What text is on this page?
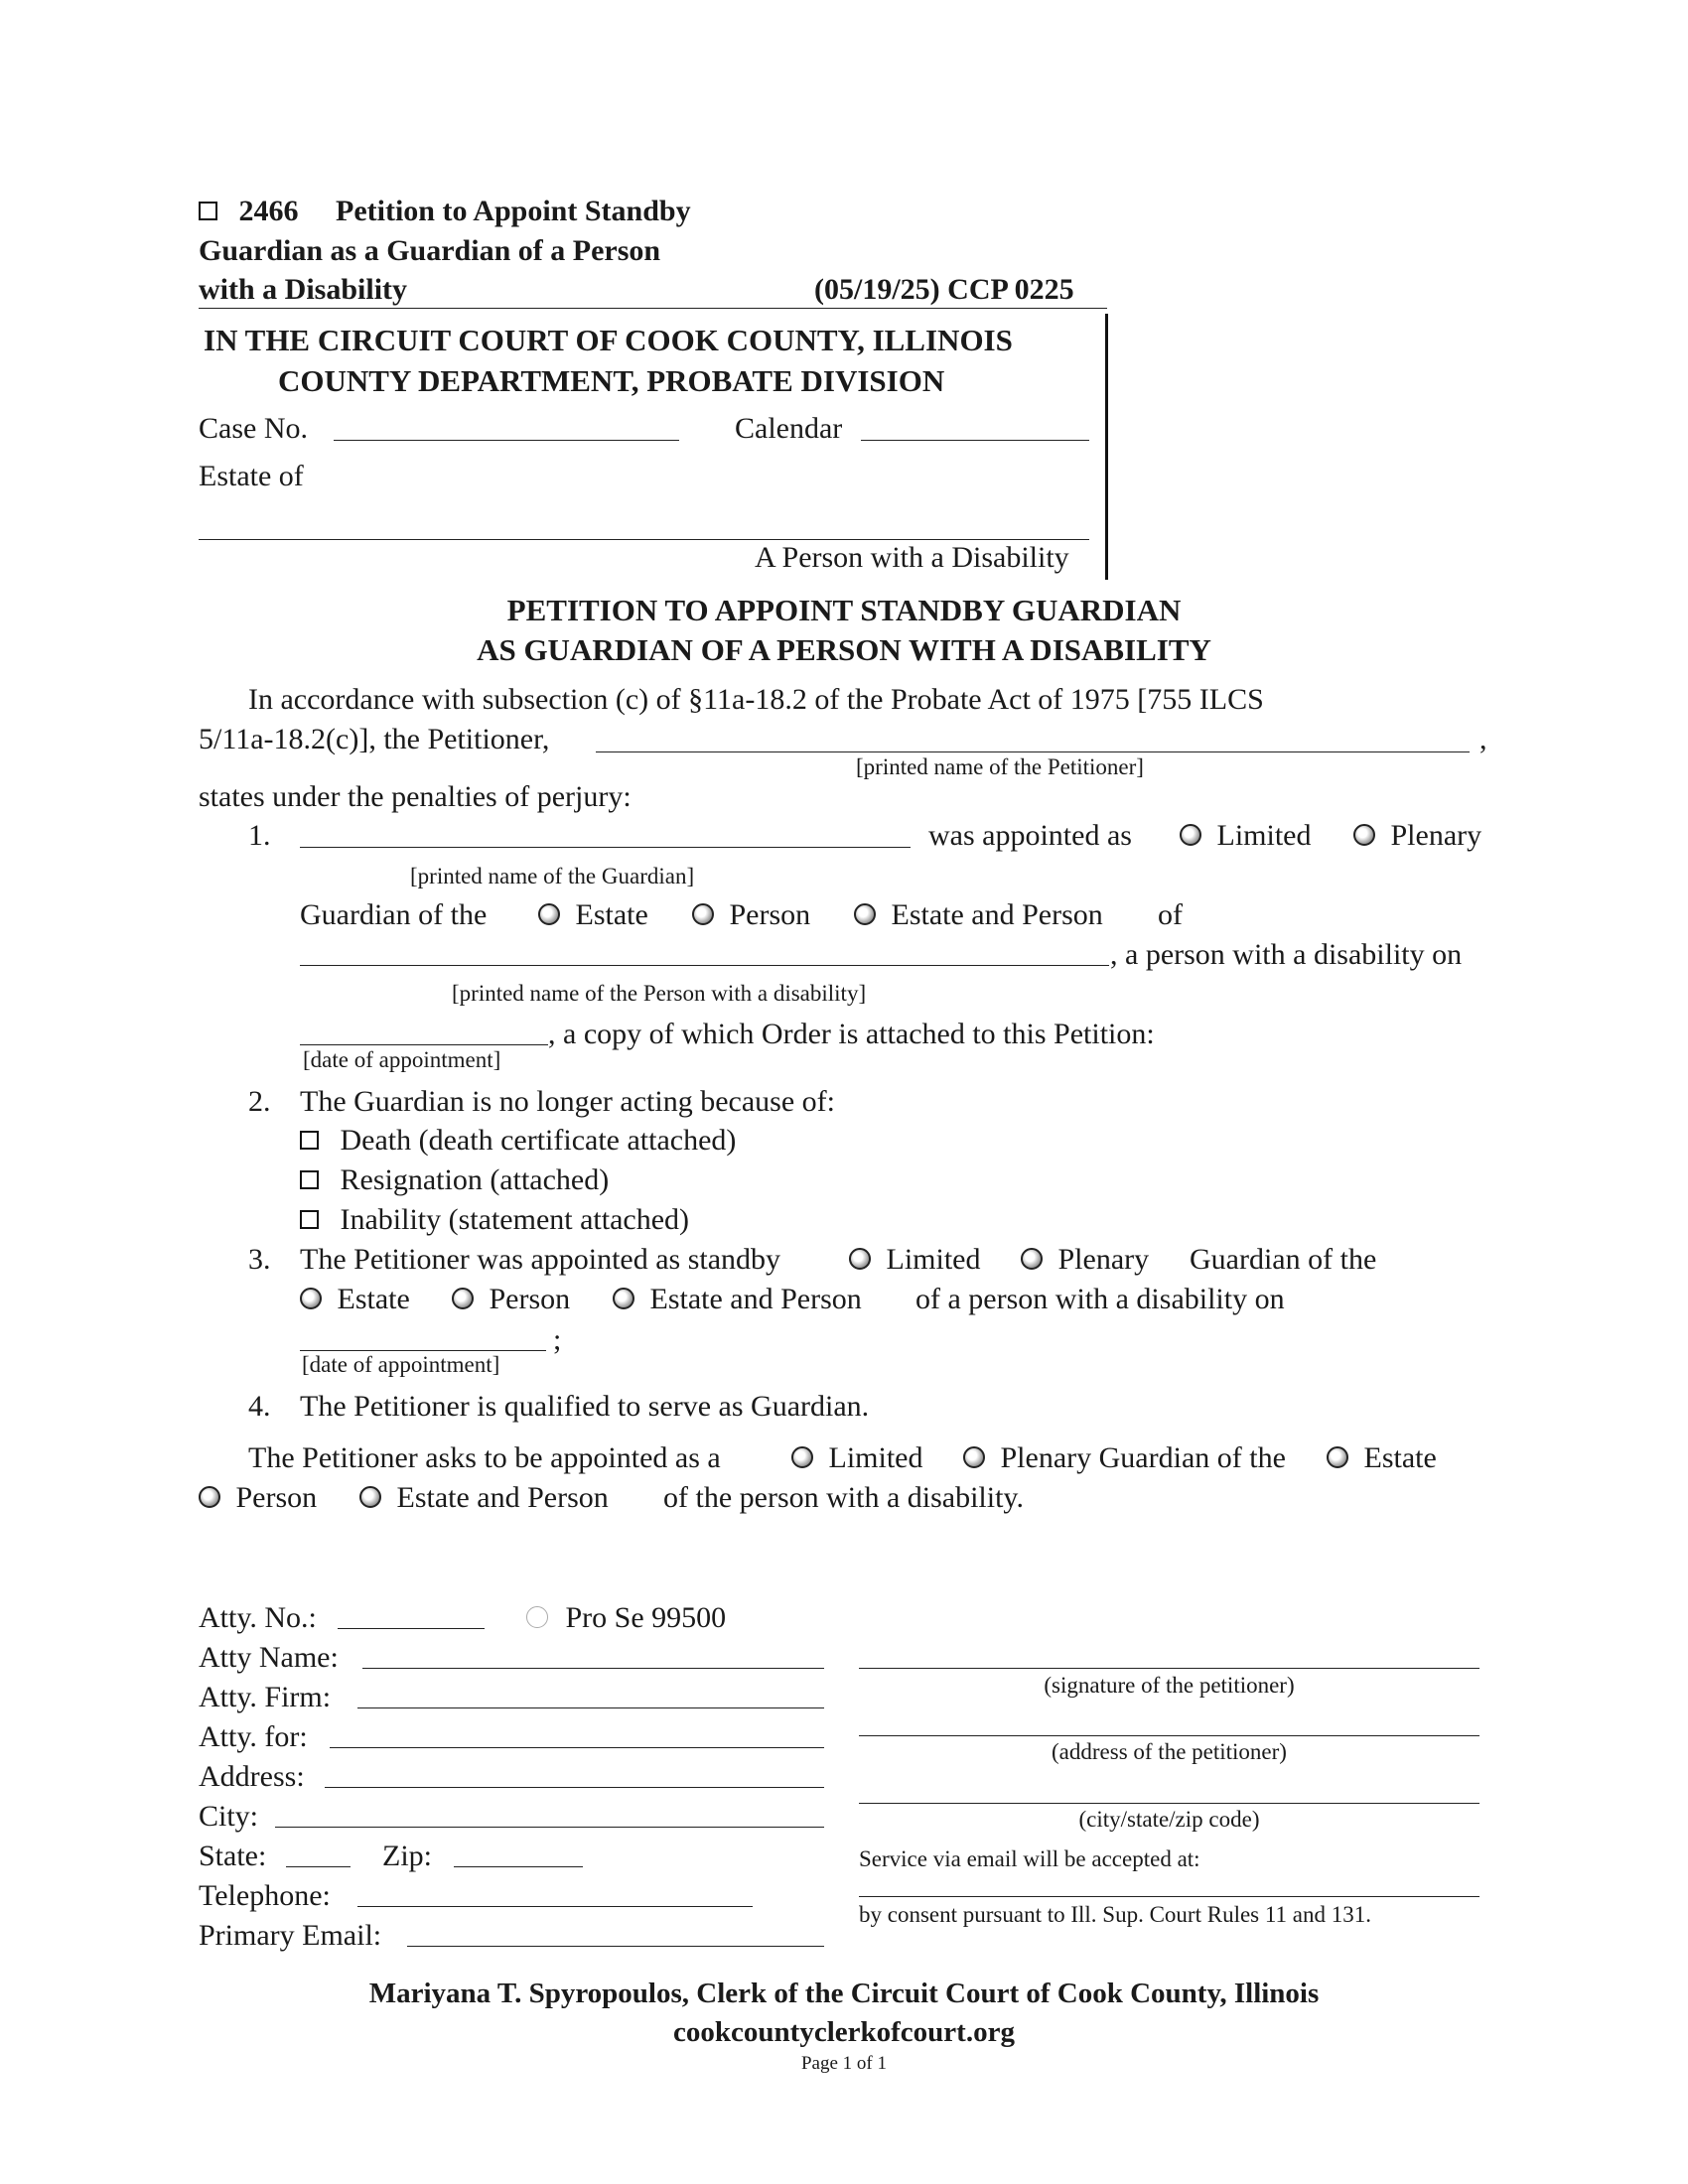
2466 Petition to Appoint Standby
Guardian as a Guardian of a Person
with a Disability	(05/19/25) CCP 0225
IN THE CIRCUIT COURT OF COOK COUNTY, ILLINOIS
COUNTY DEPARTMENT, PROBATE DIVISION
Case No.	Calendar
Estate of
A Person with a Disability
PETITION TO APPOINT STANDBY GUARDIAN
AS GUARDIAN OF A PERSON WITH A DISABILITY
In accordance with subsection (c) of §11a-18.2 of the Probate Act of 1975 [755 ILCS
5/11a-18.2(c)], the Petitioner,	,
[printed name of the Petitioner]
states under the penalties of perjury:
1.	was appointed as	Limited	Plenary
[printed name of the Guardian]
Guardian of the	Estate	Person	Estate and Person of
, a person with a disability on
[printed name of the Person with a disability]
, a copy of which Order is attached to this Petition:
[date of appointment]
2. The Guardian is no longer acting because of:
Death (death certificate attached)
Resignation (attached)
Inability (statement attached)
3. The Petitioner was appointed as standby	Limited	Plenary Guardian of the
Estate	Person	Estate and Person of a person with a disability on
;
[date of appointment]
4. The Petitioner is qualified to serve as Guardian.
The Petitioner asks to be appointed as a	Limited	Plenary Guardian of the	Estate
Person	Estate and Person of the person with a disability.
Atty. No.:	Pro Se 99500
Atty Name:
Atty. Firm:
Atty. for:
Address:
City:
State:	Zip:
Telephone:
Primary Email:
(signature of the petitioner)
(address of the petitioner)
(city/state/zip code)
Service via email will be accepted at:
by consent pursuant to Ill. Sup. Court Rules 11 and 131.
Mariyana T. Spyropoulos, Clerk of the Circuit Court of Cook County, Illinois
cookcountyclerkofcourt.org
Page 1 of 1
